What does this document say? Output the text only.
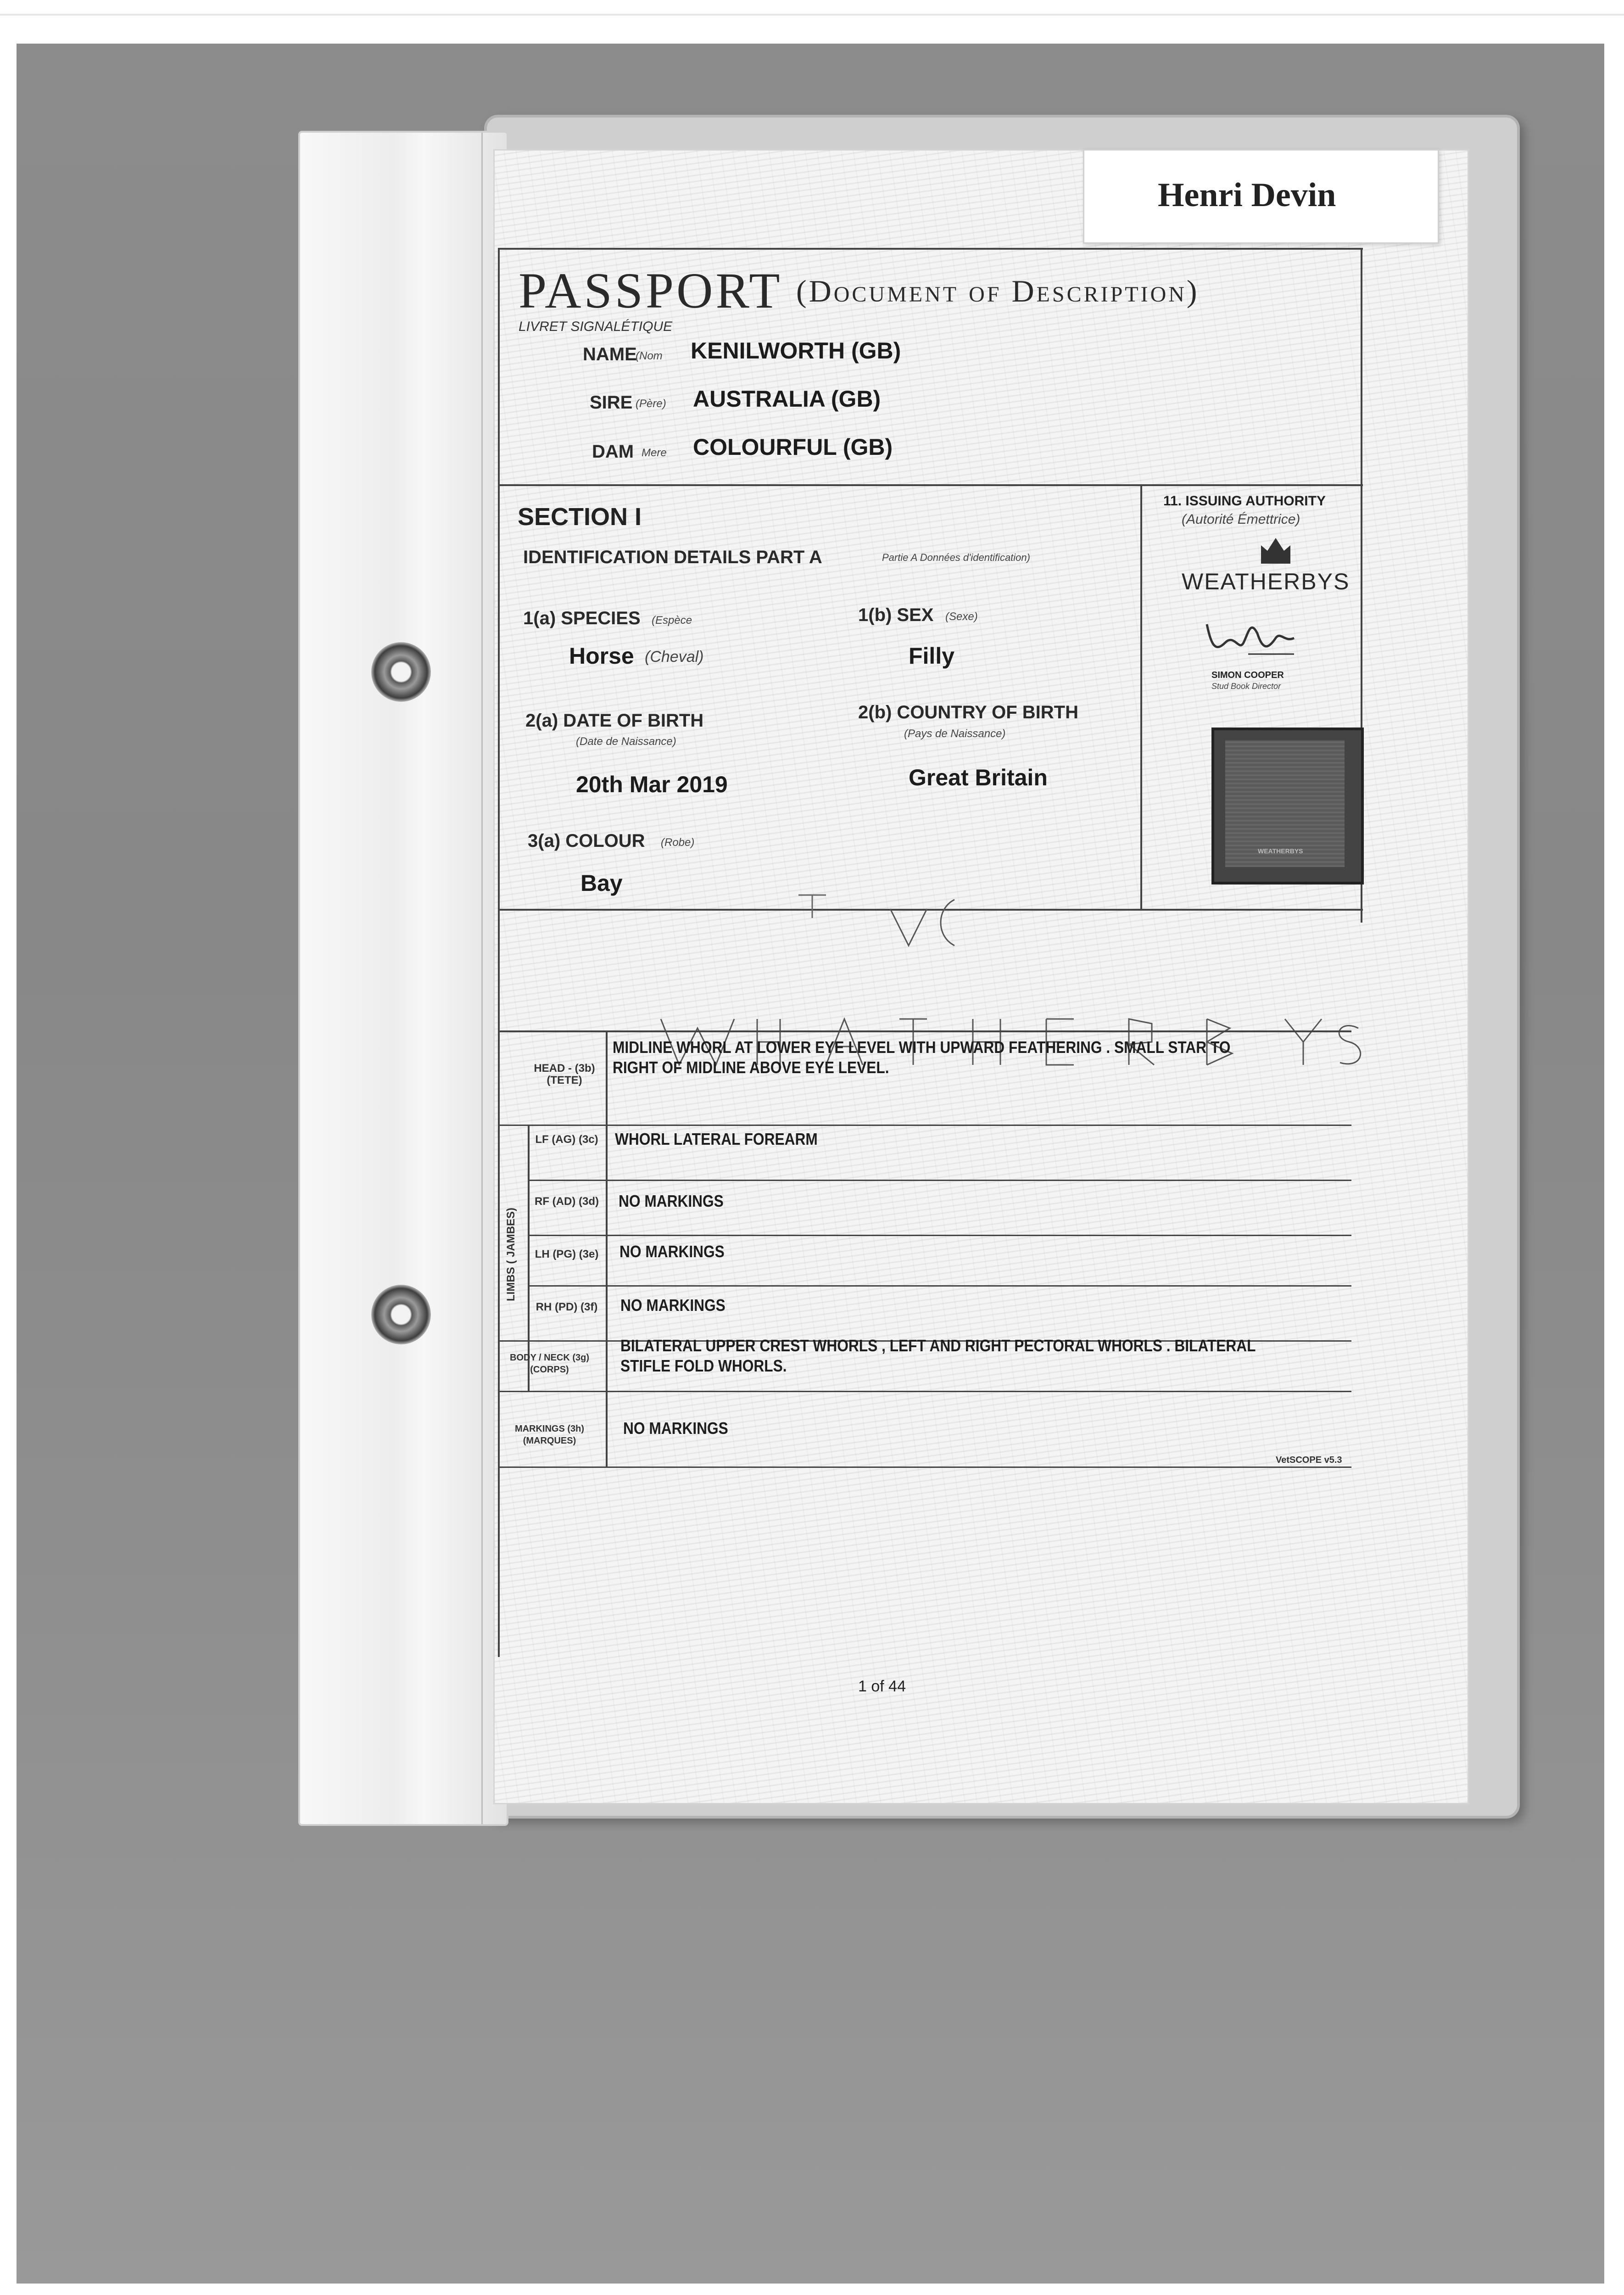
Henri Devin
PASSPORT (Document of Description)
LIVRET SIGNALÉTIQUE
NAME
(Nom KENILWORTH (GB)
SIRE (Père) AUSTRALIA (GB)
DAM Mere COLOURFUL (GB)
SECTION I
IDENTIFICATION DETAILS PART A	Partie A Données d'identification)
1(a) SPECIES (Espèce
Horse (Cheval)
1(b) SEX (Sexe)
Filly
2(a) DATE OF BIRTH
(Date de Naissance)
20th Mar 2019
2(b) COUNTRY OF BIRTH
(Pays de Naissance)
Great Britain
3(a) COLOUR (Robe)
Bay
11. ISSUING AUTHORITY
(Autorité Émettrice)
WEATHERBYS
SIMON COOPER
Stud Book Director
WEATHERBYS
LIMBS ( JAMBES)
HEAD - (3b) (TETE)
MIDLINE WHORL AT LOWER EYE LEVEL WITH UPWARD FEATHERING . SMALL STAR TO RIGHT OF MIDLINE ABOVE EYE LEVEL.
LF (AG) (3c) WHORL LATERAL FOREARM
RF (AD) (3d) NO MARKINGS
LH (PG) (3e) NO MARKINGS
RH (PD) (3f) NO MARKINGS
BODY / NECK (3g) (CORPS)
BILATERAL UPPER CREST WHORLS , LEFT AND RIGHT PECTORAL WHORLS . BILATERAL STIFLE FOLD WHORLS.
MARKINGS (3h) (MARQUES)
NO MARKINGS
VetSCOPE v5.3
1 of 44
